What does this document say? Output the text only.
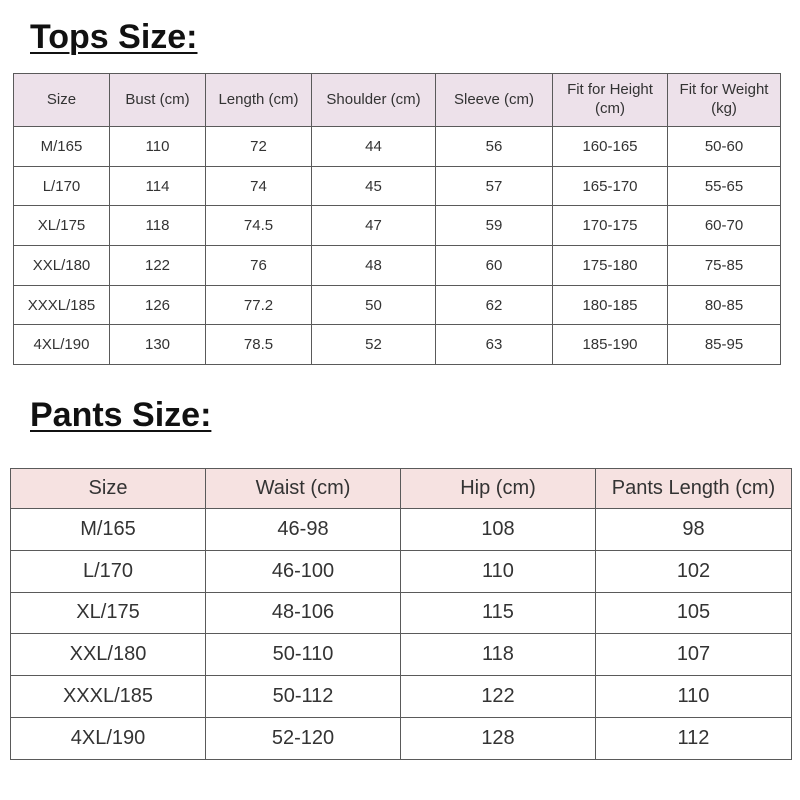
Tops Size:
Size	Bust (cm)	Length (cm)	Shoulder (cm)	Sleeve (cm)	Fit for Height (cm)	Fit for Weight (kg)
M/165	110	72	44	56	160-165	50-60
L/170	114	74	45	57	165-170	55-65
XL/175	118	74.5	47	59	170-175	60-70
XXL/180	122	76	48	60	175-180	75-85
XXXL/185	126	77.2	50	62	180-185	80-85
4XL/190	130	78.5	52	63	185-190	85-95
Pants Size:
Size	Waist (cm)	Hip (cm)	Pants Length (cm)
M/165	46-98	108	98
L/170	46-100	110	102
XL/175	48-106	115	105
XXL/180	50-110	118	107
XXXL/185	50-112	122	110
4XL/190	52-120	128	112
